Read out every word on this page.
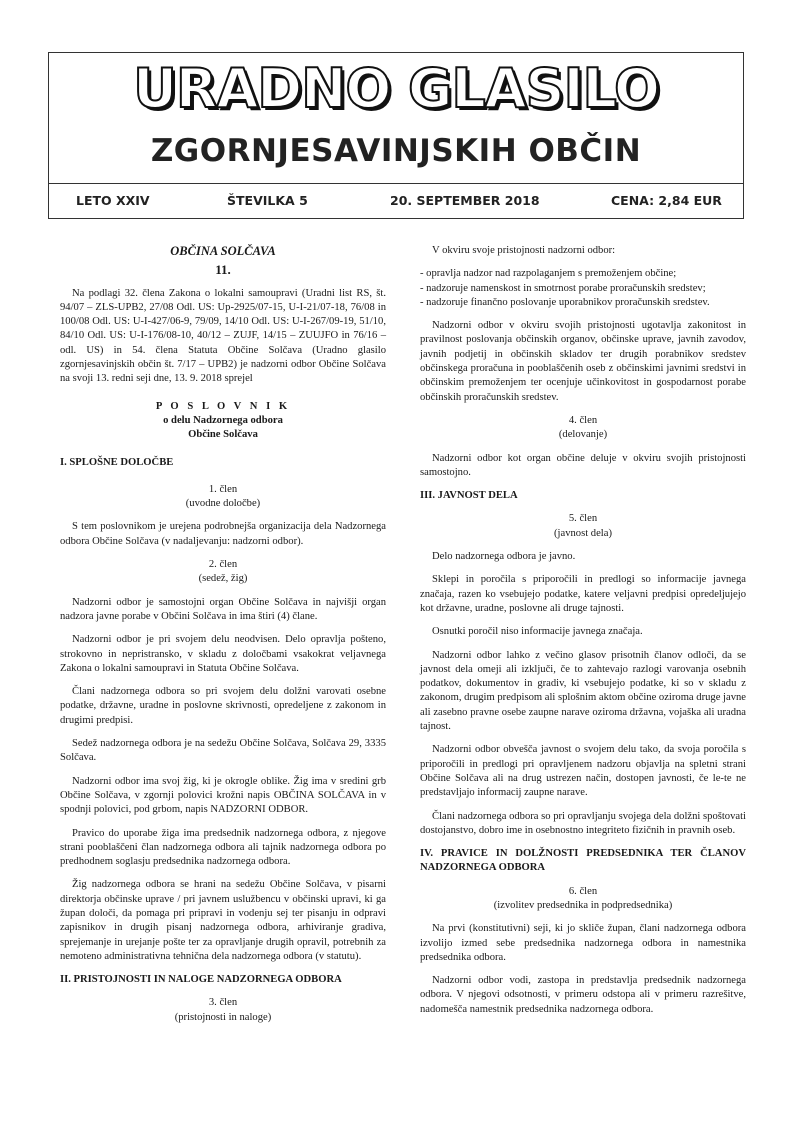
URADNO GLASILO
ZGORNJESAVINJSKIH OBČIN
LETO XXIV	ŠTEVILKA 5	20. SEPTEMBER 2018	CENA: 2,84 EUR

OBČINA SOLČAVA

11.

Na podlagi 32. člena Zakona o lokalni samoupravi (Uradni list RS, št. 94/07 – ZLS-UPB2, 27/08 Odl. US: Up-2925/07-15, U-I-21/07-18, 76/08 in 100/08 Odl. US: U-I-427/06-9, 79/09, 14/10 Odl. US: U-I-267/09-19, 51/10, 84/10 Odl. US: U-I-176/08-10, 40/12 – ZUJF, 14/15 – ZUUJFO in 76/16 – odl. US) in 54. člena Statuta Občine Solčava (Uradno glasilo zgornjesavinjskih občin št. 7/17 – UPB2) je nadzorni odbor Občine Solčava na svoji 13. redni seji dne, 13. 9. 2018 sprejel

P O S L O V N I K

o delu Nadzornega odbora

Občine Solčava

I. SPLOŠNE DOLOČBE

1. člen

(uvodne določbe)

S tem poslovnikom je urejena podrobnejša organizacija dela Nadzornega odbora Občine Solčava (v nadaljevanju: nadzorni odbor).

2. člen

(sedež, žig)

Nadzorni odbor je samostojni organ Občine Solčava in najvišji organ nadzora javne porabe v Občini Solčava in ima štiri (4) člane.

Nadzorni odbor je pri svojem delu neodvisen. Delo opravlja pošteno, strokovno in nepristransko, v skladu z določbami vsakokrat veljavnega Zakona o lokalni samoupravi in Statuta Občine Solčava.

Člani nadzornega odbora so pri svojem delu dolžni varovati osebne podatke, državne, uradne in poslovne skrivnosti, opredeljene z zakonom in drugimi predpisi.

Sedež nadzornega odbora je na sedežu Občine Solčava, Solčava 29, 3335 Solčava.

Nadzorni odbor ima svoj žig, ki je okrogle oblike. Žig ima v sredini grb Občine Solčava, v zgornji polovici krožni napis OBČINA SOLČAVA in v spodnji polovici, pod grbom, napis NADZORNI ODBOR.

Pravico do uporabe žiga ima predsednik nadzornega odbora, z njegove strani pooblaščeni član nadzornega odbora ali tajnik nadzornega odbora po predhodnem soglasju predsednika nadzornega odbora.

Žig nadzornega odbora se hrani na sedežu Občine Solčava, v pisarni direktorja občinske uprave / pri javnem uslužbencu v občinski upravi, ki ga župan določi, da pomaga pri pripravi in vodenju sej ter pisanju in odpravi zapisnikov in drugih pisanj nadzornega odbora, arhiviranje gradiva, sprejemanje in urejanje pošte ter za opravljanje drugih opravil, potrebnih za nemoteno administrativna tehnična dela nadzornega odbora (v statutu).

II. PRISTOJNOSTI IN NALOGE NADZORNEGA ODBORA

3. člen

(pristojnosti in naloge)

V okviru svoje pristojnosti nadzorni odbor:

- opravlja nadzor nad razpolaganjem s premoženjem občine;

- nadzoruje namenskost in smotrnost porabe proračunskih sredstev;

- nadzoruje finančno poslovanje uporabnikov proračunskih sredstev.

Nadzorni odbor v okviru svojih pristojnosti ugotavlja zakonitost in pravilnost poslovanja občinskih organov, občinske uprave, javnih zavodov, javnih podjetij in občinskih skladov ter drugih porabnikov sredstev občinskega proračuna in pooblaščenih oseb z občinskimi javnimi sredstvi in občinskim premoženjem ter ocenjuje učinkovitost in gospodarnost porabe občinskih proračunskih sredstev.

4. člen

(delovanje)

Nadzorni odbor kot organ občine deluje v okviru svojih pristojnosti samostojno.

III. JAVNOST DELA

5. člen

(javnost dela)

Delo nadzornega odbora je javno.

Sklepi in poročila s priporočili in predlogi so informacije javnega značaja, razen ko vsebujejo podatke, katere veljavni predpisi opredeljujejo kot državne, uradne, poslovne ali druge tajnosti.

Osnutki poročil niso informacije javnega značaja.

Nadzorni odbor lahko z večino glasov prisotnih članov odloči, da se javnost dela omeji ali izključi, če to zahtevajo razlogi varovanja osebnih podatkov, dokumentov in gradiv, ki vsebujejo podatke, ki so v skladu z zakonom, drugim predpisom ali splošnim aktom občine oziroma druge javne ali zasebno pravne osebe zaupne narave oziroma državna, vojaška ali uradna tajnost.

Nadzorni odbor obvešča javnost o svojem delu tako, da svoja poročila s priporočili in predlogi pri opravljenem nadzoru objavlja na spletni strani Občine Solčava ali na drug ustrezen način, dostopen javnosti, če le-te ne predstavljajo informacij zaupne narave.

Člani nadzornega odbora so pri opravljanju svojega dela dolžni spoštovati dostojanstvo, dobro ime in osebnostno integriteto fizičnih in pravnih oseb.

IV. PRAVICE IN DOLŽNOSTI PREDSEDNIKA TER ČLANOV NADZORNEGA ODBORA

6. člen

(izvolitev predsednika in podpredsednika)

Na prvi (konstitutivni) seji, ki jo skliče župan, člani nadzornega odbora izvolijo izmed sebe predsednika nadzornega odbora in namestnika predsednika odbora.

Nadzorni odbor vodi, zastopa in predstavlja predsednik nadzornega odbora. V njegovi odsotnosti, v primeru odstopa ali v primeru razrešitve, nadomešča namestnik predsednika nadzornega odbora.
